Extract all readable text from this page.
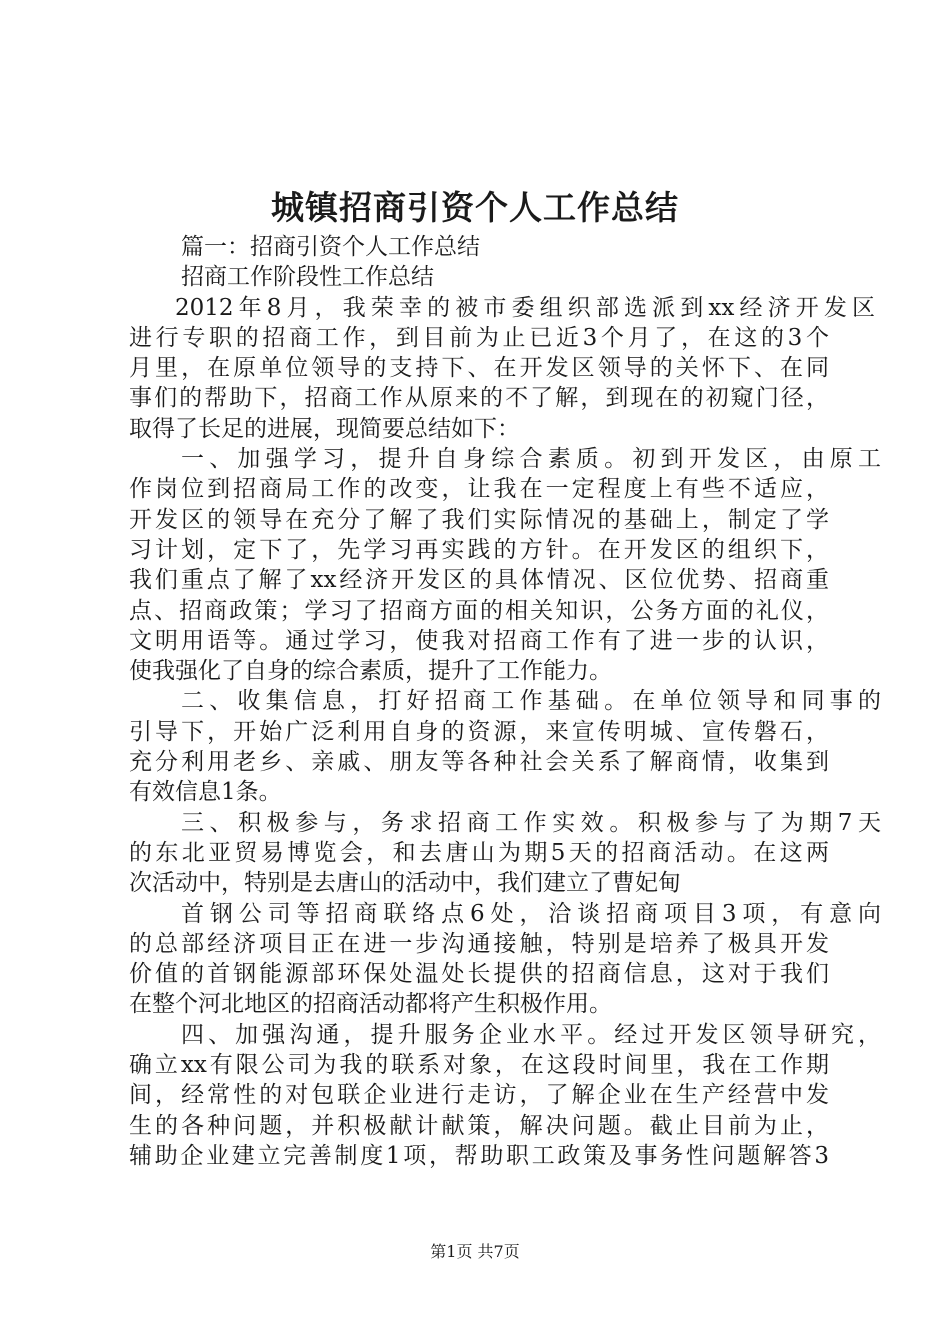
城镇招商引资个人工作总结

篇一：招商引资个人工作总结

招商工作阶段性工作总结

2012年8月，我荣幸的被市委组织部选派到xx经济开发区

进行专职的招商工作，到目前为止已近3个月了，在这的3个

月里，在原单位领导的支持下、在开发区领导的关怀下、在同

事们的帮助下，招商工作从原来的不了解，到现在的初窥门径，

取得了长足的进展，现简要总结如下：

一、加强学习，提升自身综合素质。初到开发区，由原工

作岗位到招商局工作的改变，让我在一定程度上有些不适应，

开发区的领导在充分了解了我们实际情况的基础上，制定了学

习计划，定下了，先学习再实践的方针。在开发区的组织下，

我们重点了解了xx经济开发区的具体情况、区位优势、招商重

点、招商政策；学习了招商方面的相关知识，公务方面的礼仪，

文明用语等。通过学习，使我对招商工作有了进一步的认识，

使我强化了自身的综合素质，提升了工作能力。

二、收集信息，打好招商工作基础。在单位领导和同事的

引导下，开始广泛利用自身的资源，来宣传明城、宣传磐石，

充分利用老乡、亲戚、朋友等各种社会关系了解商情，收集到

有效信息1条。

三、积极参与，务求招商工作实效。积极参与了为期7天

的东北亚贸易博览会，和去唐山为期5天的招商活动。在这两

次活动中，特别是去唐山的活动中，我们建立了曹妃甸

首钢公司等招商联络点6处，洽谈招商项目3项，有意向

的总部经济项目正在进一步沟通接触，特别是培养了极具开发

价值的首钢能源部环保处温处长提供的招商信息，这对于我们

在整个河北地区的招商活动都将产生积极作用。

四、加强沟通，提升服务企业水平。经过开发区领导研究，

确立xx有限公司为我的联系对象，在这段时间里，我在工作期

间，经常性的对包联企业进行走访，了解企业在生产经营中发

生的各种问题，并积极献计献策，解决问题。截止目前为止，

辅助企业建立完善制度1项，帮助职工政策及事务性问题解答3

第1页 共7页
